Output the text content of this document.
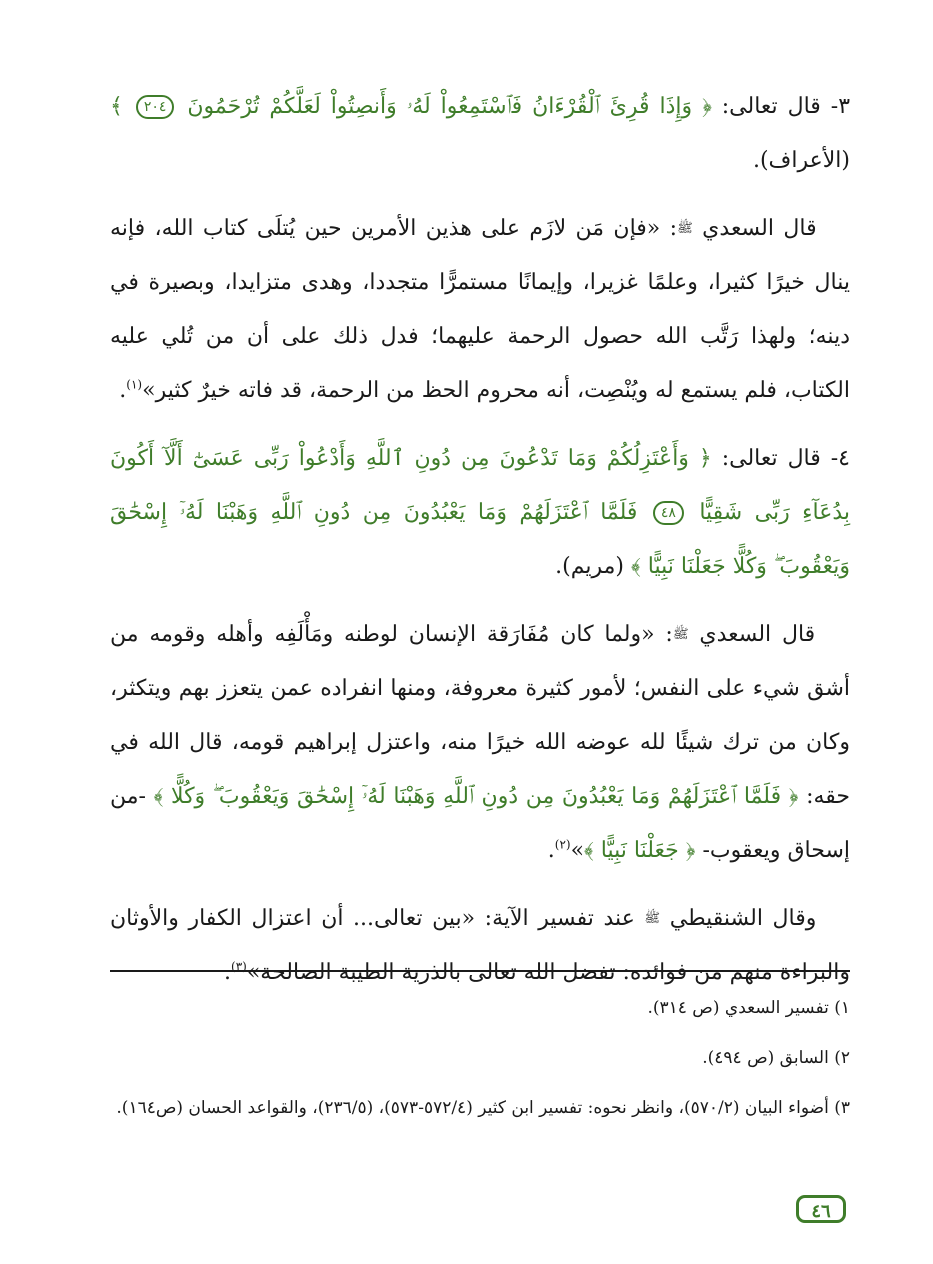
٣- قال تعالى: ﴿ وَإِذَا قُرِئَ ٱلْقُرْءَانُ فَٱسْتَمِعُواْ لَهُۥ وَأَنصِتُواْ لَعَلَّكُمْ تُرْحَمُونَ ٢٠٤ ﴾ (الأعراف).

قال السعدي ﷺ: «فإن مَن لازَم على هذين الأمرين حين يُتلَى كتاب الله، فإنه ينال خيرًا كثيرا، وعلمًا غزيرا، وإيمانًا مستمرًّا متجددا، وهدى متزايدا، وبصيرة في دينه؛ ولهذا رَتَّب الله حصول الرحمة عليهما؛ فدل ذلك على أن من تُلي عليه الكتاب، فلم يستمع له ويُنْصِت، أنه محروم الحظ من الرحمة، قد فاته خيرٌ كثير»$^{(١)}$.

٤- قال تعالى: ﴿ وَأَعْتَزِلُكُمْ وَمَا تَدْعُونَ مِن دُونِ ٱللَّهِ وَأَدْعُواْ رَبِّى عَسَىٰٓ أَلَّآ أَكُونَ بِدُعَآءِ رَبِّى شَقِيًّا ٤٨ فَلَمَّا ٱعْتَزَلَهُمْ وَمَا يَعْبُدُونَ مِن دُونِ ٱللَّهِ وَهَبْنَا لَهُۥٓ إِسْحَٰقَ وَيَعْقُوبَ ۖ وَكُلًّا جَعَلْنَا نَبِيًّا ﴾ (مريم).

قال السعدي ﷺ: «ولما كان مُفَارَقة الإنسان لوطنه ومَأْلَفِه وأهله وقومه من أشق شيء على النفس؛ لأمور كثيرة معروفة، ومنها انفراده عمن يتعزز بهم ويتكثر، وكان من ترك شيئًا لله عوضه الله خيرًا منه، واعتزل إبراهيم قومه، قال الله في حقه: ﴿ فَلَمَّا ٱعْتَزَلَهُمْ وَمَا يَعْبُدُونَ مِن دُونِ ٱللَّهِ وَهَبْنَا لَهُۥٓ إِسْحَٰقَ وَيَعْقُوبَ ۖ وَكُلًّا ﴾ -من إسحاق ويعقوب- ﴿ جَعَلْنَا نَبِيًّا ﴾»$^{(٢)}$.

وقال الشنقيطي ﷺ عند تفسير الآية: «بين تعالى... أن اعتزال الكفار والأوثان والبراءة منهم من فوائده: تفضل الله تعالى بالذرية الطيبة الصالحة»$^{(٣)}$.

١) تفسير السعدي (ص ٣١٤).

٢) السابق (ص ٤٩٤).

٣) أضواء البيان (٥٧٠/٢)، وانظر نحوه: تفسير ابن كثير (٥٧٢/٤-٥٧٣)، (٢٣٦/٥)، والقواعد الحسان (ص١٦٤).

٤٦
